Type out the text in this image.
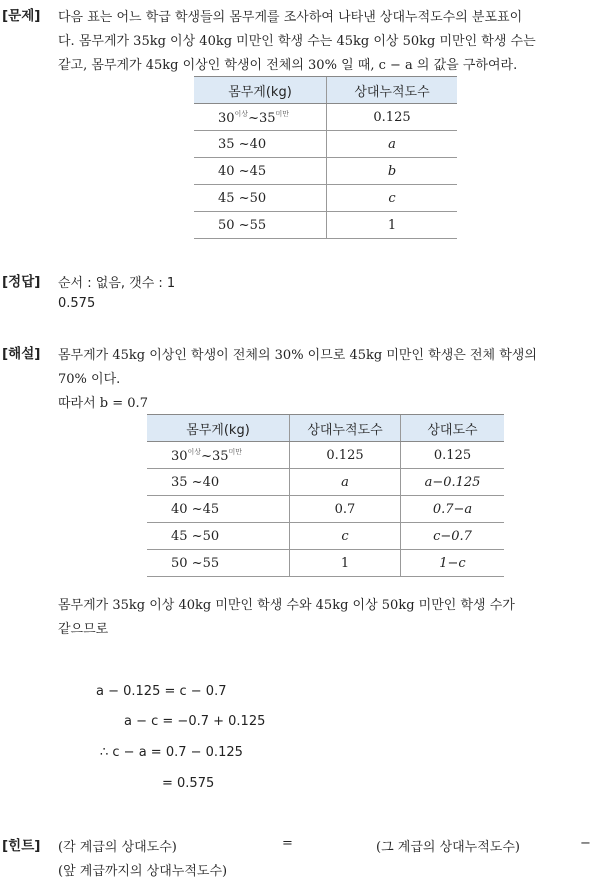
[문제] 다음 표는 어느 학급 학생들의 몸무게를 조사하여 나타낸 상대누적도수의 분포표이
다. 몸무게가 35kg 이상 40kg 미만인 학생 수는 45kg 이상 50kg 미만인 학생 수는
같고, 몸무게가 45kg 이상인 학생이 전체의 30% 일 때, c − a 의 값을 구하여라.
몸무게(kg)	상대누적도수
$30^{이상}\sim 35^{미만}$	0.125
35 ~40	a
40 ~45	b
45 ~50	c
50 ~55	1
[정답] 순서 : 없음, 갯수 : 1
0.575
[해설] 몸무게가 45kg 이상인 학생이 전체의 30% 이므로 45kg 미만인 학생은 전체 학생의
70% 이다.
따라서 b = 0.7
몸무게(kg)	상대누적도수	상대도수
$30^{이상}\sim 35^{미만}$	0.125	0.125
35 ~40	a	a−0.125
40 ~45	0.7	0.7−a
45 ~50	c	c−0.7
50 ~55	1	1−c
몸무게가 35kg 이상 40kg 미만인 학생 수와 45kg 이상 50kg 미만인 학생 수가
같으므로
a − 0.125 = c − 0.7
a − c = −0.7 + 0.125
∴ c − a = 0.7 − 0.125
= 0.575
[힌트] (각 계급의 상대도수)	=	(그 계급의 상대누적도수)	−
(앞 계급까지의 상대누적도수)
